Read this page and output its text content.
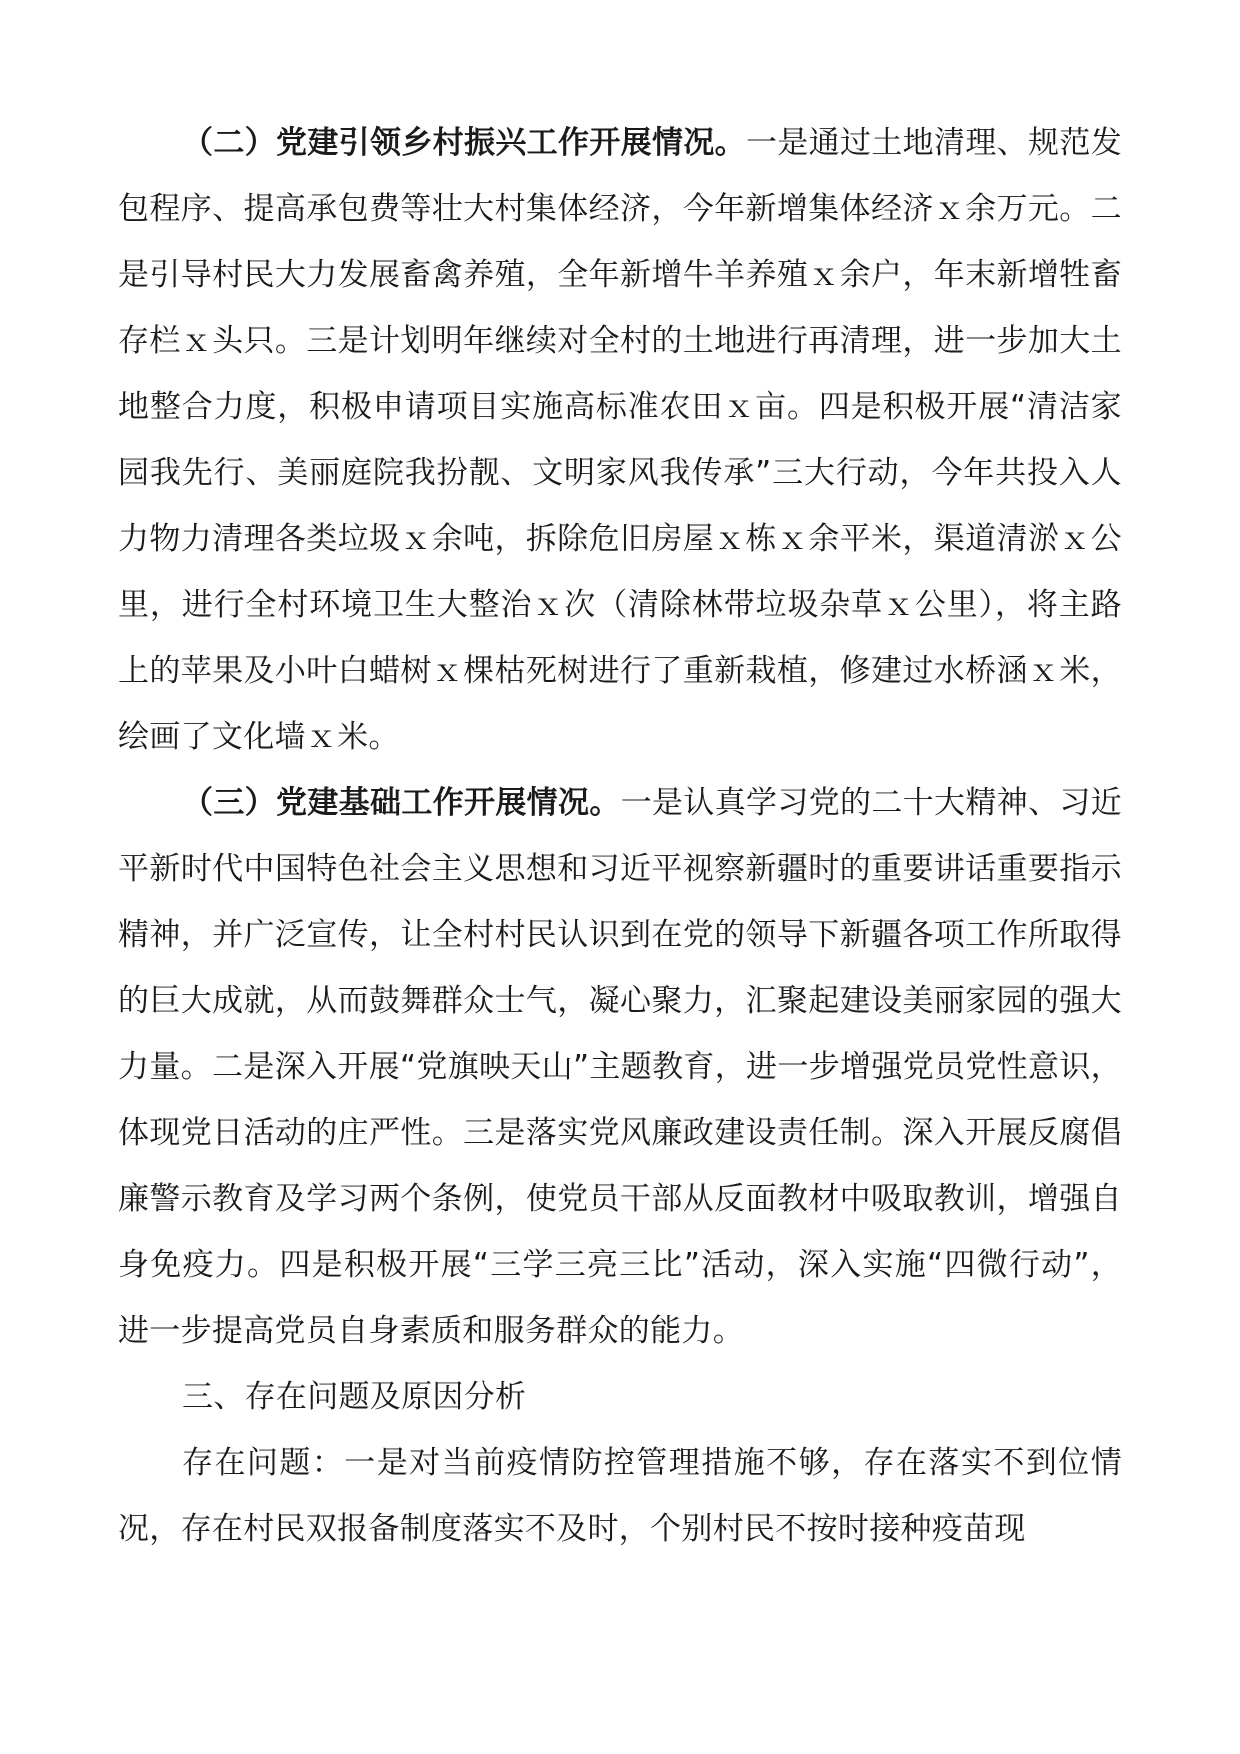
（二）党建引领乡村振兴工作开展情况。一是通过土地清理、规范发包程序、提高承包费等壮大村集体经济，今年新增集体经济ｘ余万元。二是引导村民大力发展畜禽养殖，全年新增牛羊养殖ｘ余户，年末新增牲畜存栏ｘ头只。三是计划明年继续对全村的土地进行再清理，进一步加大土地整合力度，积极申请项目实施高标准农田ｘ亩。四是积极开展“清洁家园我先行、美丽庭院我扮靓、文明家风我传承”三大行动，今年共投入人力物力清理各类垃圾ｘ余吨，拆除危旧房屋ｘ栋ｘ余平米，渠道清淤ｘ公里，进行全村环境卫生大整治ｘ次（清除林带垃圾杂草ｘ公里），将主路上的苹果及小叶白蜡树ｘ棵枯死树进行了重新栽植，修建过水桥涵ｘ米，绘画了文化墙ｘ米。

（三）党建基础工作开展情况。一是认真学习党的二十大精神、习近平新时代中国特色社会主义思想和习近平视察新疆时的重要讲话重要指示精神，并广泛宣传，让全村村民认识到在党的领导下新疆各项工作所取得的巨大成就，从而鼓舞群众士气，凝心聚力，汇聚起建设美丽家园的强大力量。二是深入开展“党旗映天山”主题教育，进一步增强党员党性意识，体现党日活动的庄严性。三是落实党风廉政建设责任制。深入开展反腐倡廉警示教育及学习两个条例，使党员干部从反面教材中吸取教训，增强自身免疫力。四是积极开展“三学三亮三比”活动，深入实施“四微行动”，进一步提高党员自身素质和服务群众的能力。

三、存在问题及原因分析

存在问题：一是对当前疫情防控管理措施不够，存在落实不到位情况，存在村民双报备制度落实不及时，个别村民不按时接种疫苗现
